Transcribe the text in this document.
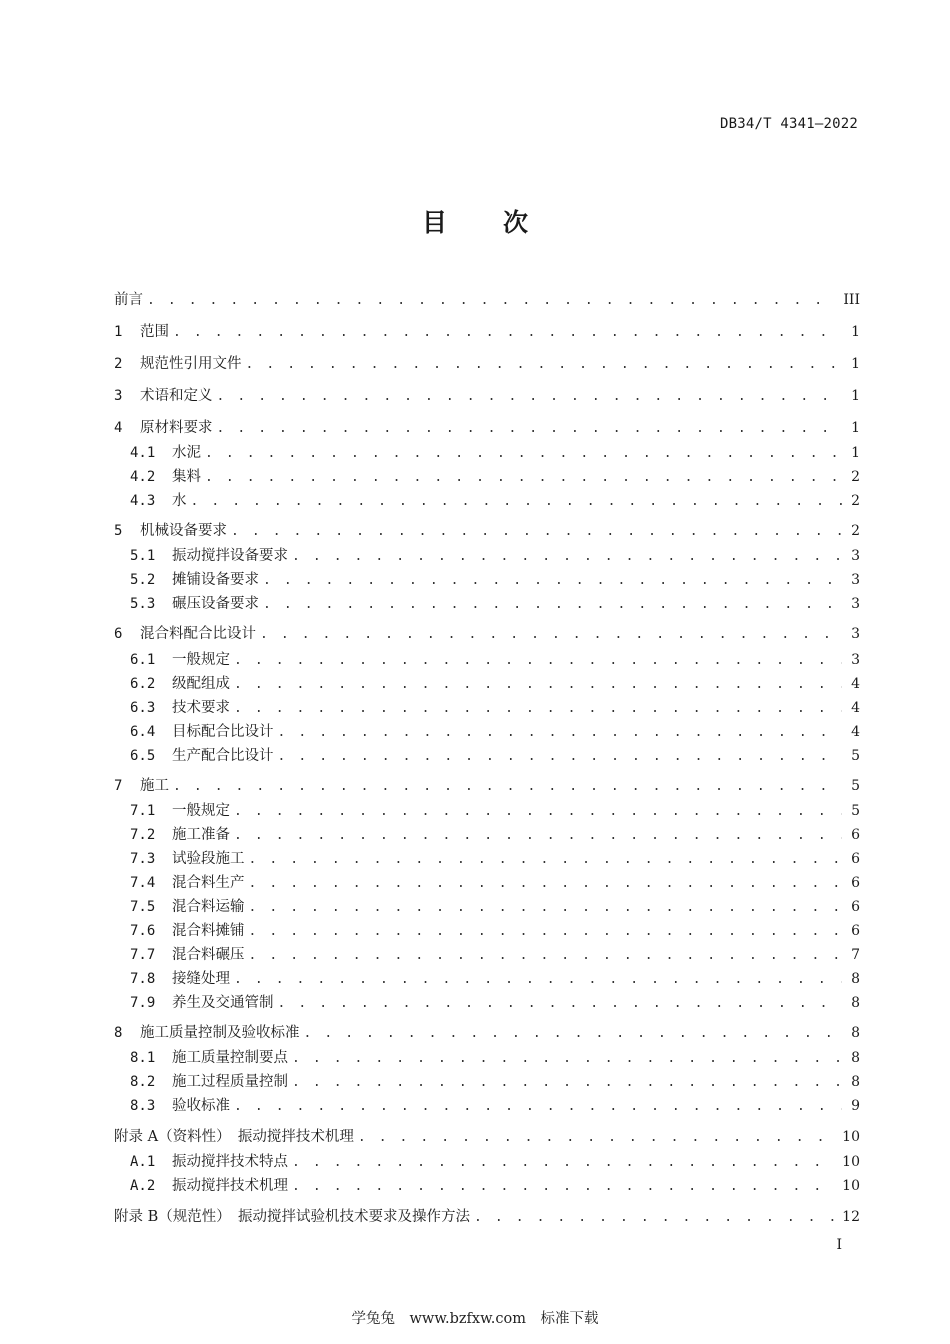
DB34/T 4341—2022
目 次
前言 . . .	III
1	范围 . . .	1
2	规范性引用文件 . . .	1
3	术语和定义 . . .	1
4	原材料要求 . . .	1
4.1	水泥 . . .	1
4.2	集料 . . .	2
4.3	水 . . .	2
5	机械设备要求 . . .	2
5.1	振动搅拌设备要求 . . .	3
5.2	摊铺设备要求 . . .	3
5.3	碾压设备要求 . . .	3
6	混合料配合比设计 . . .	3
6.1	一般规定 . . .	3
6.2	级配组成 . . .	4
6.3	技术要求 . . .	4
6.4	目标配合比设计 . . .	4
6.5	生产配合比设计 . . .	5
7	施工 . . .	5
7.1	一般规定 . . .	5
7.2	施工准备 . . .	6
7.3	试验段施工 . . .	6
7.4	混合料生产 . . .	6
7.5	混合料运输 . . .	6
7.6	混合料摊铺 . . .	6
7.7	混合料碾压 . . .	7
7.8	接缝处理 . . .	8
7.9	养生及交通管制 . . .	8
8	施工质量控制及验收标准 . . .	8
8.1	施工质量控制要点 . . .	8
8.2	施工过程质量控制 . . .	8
8.3	验收标准 . . .	9
附录 A（资料性）　振动搅拌技术机理 . . .	10
A.1	振动搅拌技术特点 . . .	10
A.2	振动搅拌技术机理 . . .	10
附录 B（规范性）　振动搅拌试验机技术要求及操作方法 . . .	12
I
学兔兔　www.bzfxw.com　标准下载
